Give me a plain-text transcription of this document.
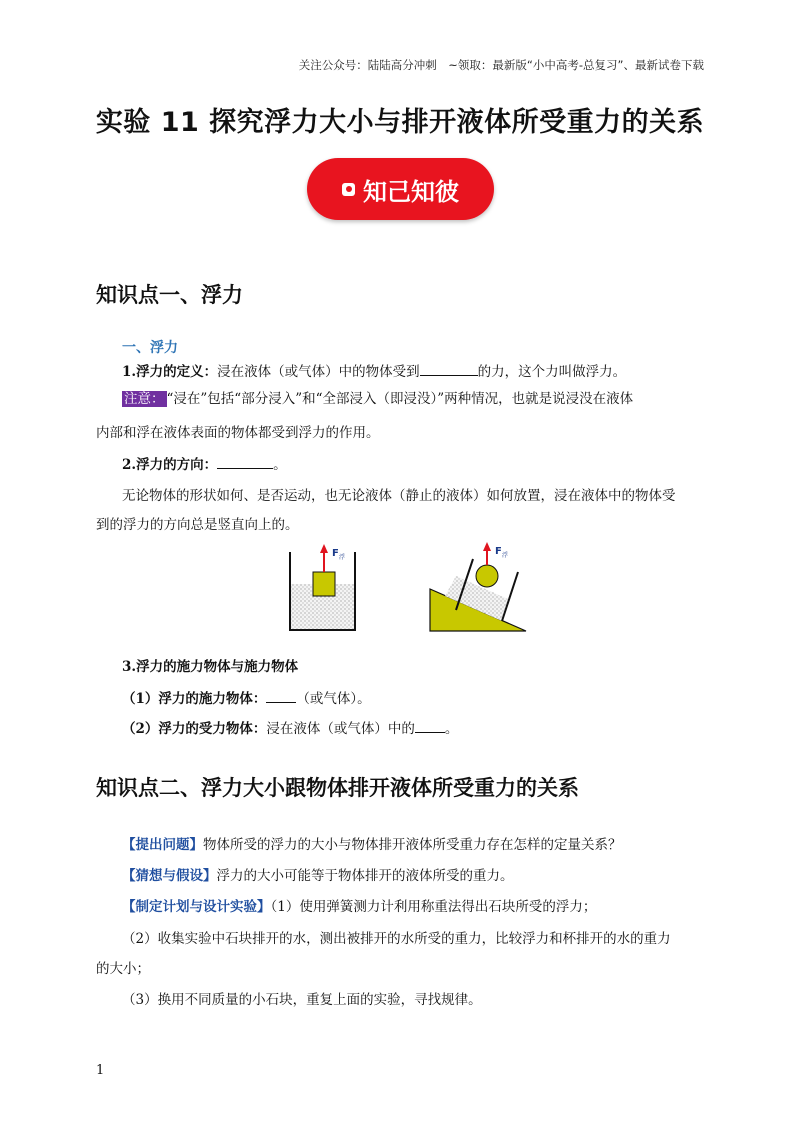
关注公众号：陆陆高分冲刺　~领取：最新版“小中高考-总复习”、最新试卷下载
实验 11 探究浮力大小与排开液体所受重力的关系
知己知彼
知识点一、浮力
一、浮力
1.浮力的定义：浸在液体（或气体）中的物体受到	的力，这个力叫做浮力。
注意： “浸在”包括“部分浸入”和“全部浸入（即浸没）”两种情况，也就是说浸没在液体
内部和浮在液体表面的物体都受到浮力的作用。
2.浮力的方向：	。
无论物体的形状如何、是否运动，也无论液体（静止的液体）如何放置，浸在液体中的物体受
到的浮力的方向总是竖直向上的。
F 浮
F 浮
3.浮力的施力物体与施力物体
（1）浮力的施力物体： （或气体）。
（2）浮力的受力物体：浸在液体（或气体）中的 。
知识点二、浮力大小跟物体排开液体所受重力的关系
【提出问题】物体所受的浮力的大小与物体排开液体所受重力存在怎样的定量关系？
【猜想与假设】浮力的大小可能等于物体排开的液体所受的重力。
【制定计划与设计实验】（1）使用弹簧测力计利用称重法得出石块所受的浮力；
（2）收集实验中石块排开的水，测出被排开的水所受的重力，比较浮力和杯排开的水的重力
的大小；
（3）换用不同质量的小石块，重复上面的实验，寻找规律。
1
